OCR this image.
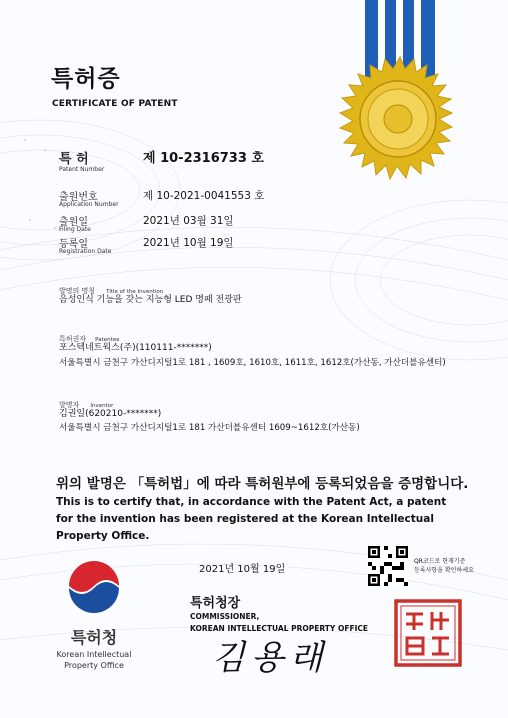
특허증
CERTIFICATE OF PATENT
특 허
Patent Number
제 10-2316733 호
출원번호
Application Number
제 10-2021-0041553 호
출원일
Filing Date
2021년 03월 31일
등록일
Registration Date
2021년 10월 19일
발명의 명칭 Title of the Invention
음성인식 기능을 갖는 지능형 LED 명패 전광판
특허권자 Patentee
포스텍네트웍스(주)(110111-*******)
서울특별시 금천구 가산디지털1로 181 , 1609호, 1610호, 1611호, 1612호(가산동, 가산더블유센터)
발명자 Inventor
김권일(620210-*******)
서울특별시 금천구 가산디지털1로 181 가산더블유센터 1609~1612호(가산동)
위의 발명은 「특허법」에 따라 특허원부에 등록되었음을 증명합니다.
This is to certify that, in accordance with the Patent Act, a patent for the invention has been registered at the Korean Intellectual Property Office.
2021년 10월 19일
QR코드로 현재기준
등록사항을 확인하세요
특허청장
COMMISSIONER,
KOREAN INTELLECTUAL PROPERTY OFFICE
김용래
특허청
Korean Intellectual
Property Office
